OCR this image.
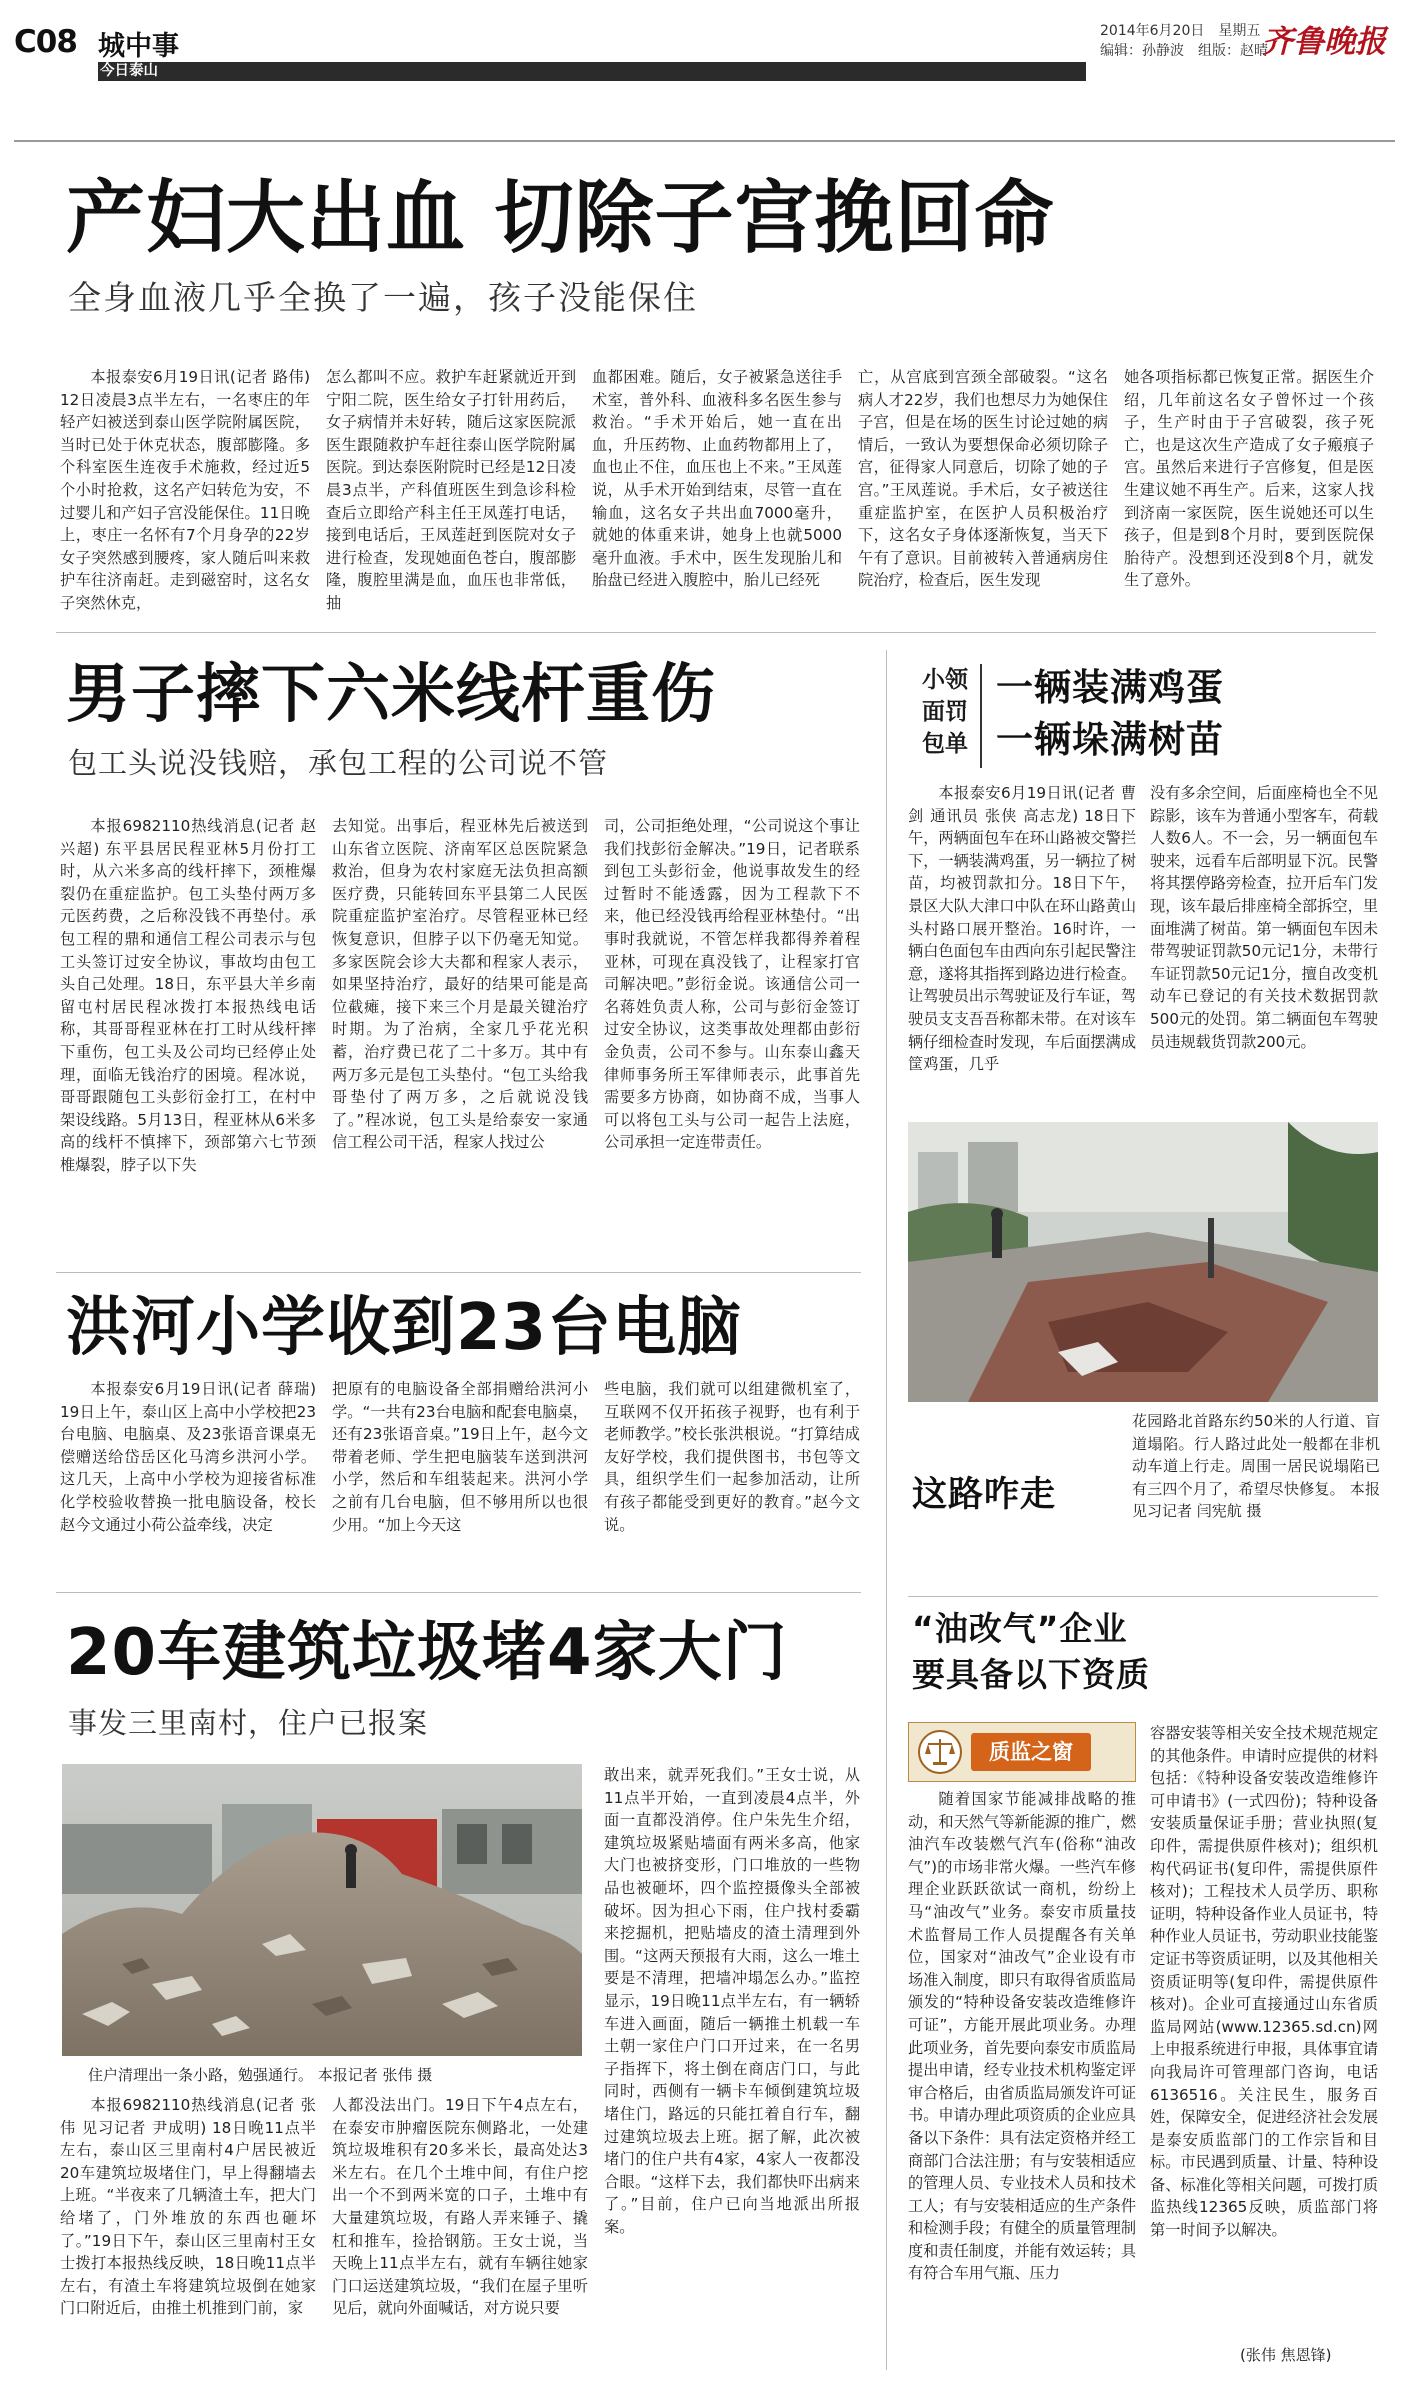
C08 城中事
今日泰山
2014年6月20日　星期五
编辑：孙静波　组版：赵晴
齐鲁晚报
产妇大出血 切除子宫挽回命
全身血液几乎全换了一遍，孩子没能保住

本报泰安6月19日讯(记者 路伟) 12日凌晨3点半左右，一名枣庄的年轻产妇被送到泰山医学院附属医院，当时已处于休克状态，腹部膨隆。多个科室医生连夜手术施救，经过近5个小时抢救，这名产妇转危为安，不过婴儿和产妇子宫没能保住。11日晚上，枣庄一名怀有7个月身孕的22岁女子突然感到腰疼，家人随后叫来救护车往济南赶。走到磁窑时，这名女子突然休克，

怎么都叫不应。救护车赶紧就近开到宁阳二院，医生给女子打针用药后，女子病情并未好转，随后这家医院派医生跟随救护车赶往泰山医学院附属医院。到达泰医附院时已经是12日凌晨3点半，产科值班医生到急诊科检查后立即给产科主任王凤莲打电话，接到电话后，王凤莲赶到医院对女子进行检查，发现她面色苍白，腹部膨隆，腹腔里满是血，血压也非常低，抽

血都困难。随后，女子被紧急送往手术室，普外科、血液科多名医生参与救治。“手术开始后，她一直在出血，升压药物、止血药物都用上了，血也止不住，血压也上不来。”王凤莲说，从手术开始到结束，尽管一直在输血，这名女子共出血7000毫升，就她的体重来讲，她身上也就5000毫升血液。手术中，医生发现胎儿和胎盘已经进入腹腔中，胎儿已经死

亡，从宫底到宫颈全部破裂。“这名病人才22岁，我们也想尽力为她保住子宫，但是在场的医生讨论过她的病情后，一致认为要想保命必须切除子宫，征得家人同意后，切除了她的子宫。”王凤莲说。手术后，女子被送往重症监护室，在医护人员积极治疗下，这名女子身体逐渐恢复，当天下午有了意识。目前被转入普通病房住院治疗，检查后，医生发现

她各项指标都已恢复正常。据医生介绍，几年前这名女子曾怀过一个孩子，生产时由于子宫破裂，孩子死亡，也是这次生产造成了女子瘢痕子宫。虽然后来进行子宫修复，但是医生建议她不再生产。后来，这家人找到济南一家医院，医生说她还可以生孩子，但是到8个月时，要到医院保胎待产。没想到还没到8个月，就发生了意外。

男子摔下六米线杆重伤
包工头说没钱赔，承包工程的公司说不管

本报6982110热线消息(记者 赵兴超) 东平县居民程亚林5月份打工时，从六米多高的线杆摔下，颈椎爆裂仍在重症监护。包工头垫付两万多元医药费，之后称没钱不再垫付。承包工程的鼎和通信工程公司表示与包工头签订过安全协议，事故均由包工头自己处理。18日，东平县大羊乡南留屯村居民程冰拨打本报热线电话称，其哥哥程亚林在打工时从线杆摔下重伤，包工头及公司均已经停止处理，面临无钱治疗的困境。程冰说，哥哥跟随包工头彭衍金打工，在村中架设线路。5月13日，程亚林从6米多高的线杆不慎摔下，颈部第六七节颈椎爆裂，脖子以下失

去知觉。出事后，程亚林先后被送到山东省立医院、济南军区总医院紧急救治，但身为农村家庭无法负担高额医疗费，只能转回东平县第二人民医院重症监护室治疗。尽管程亚林已经恢复意识，但脖子以下仍毫无知觉。多家医院会诊大夫都和程家人表示，如果坚持治疗，最好的结果可能是高位截瘫，接下来三个月是最关键治疗时期。为了治病，全家几乎花光积蓄，治疗费已花了二十多万。其中有两万多元是包工头垫付。“包工头给我哥垫付了两万多，之后就说没钱了。”程冰说，包工头是给泰安一家通信工程公司干活，程家人找过公

司，公司拒绝处理，“公司说这个事让我们找彭衍金解决。”19日，记者联系到包工头彭衍金，他说事故发生的经过暂时不能透露，因为工程款下不来，他已经没钱再给程亚林垫付。“出事时我就说，不管怎样我都得养着程亚林，可现在真没钱了，让程家打官司解决吧。”彭衍金说。该通信公司一名蒋姓负责人称，公司与彭衍金签订过安全协议，这类事故处理都由彭衍金负责，公司不参与。山东泰山鑫天律师事务所王军律师表示，此事首先需要多方协商，如协商不成，当事人可以将包工头与公司一起告上法庭，公司承担一定连带责任。

洪河小学收到23台电脑

本报泰安6月19日讯(记者 薛瑞) 19日上午，泰山区上高中小学校把23台电脑、电脑桌、及23张语音课桌无偿赠送给岱岳区化马湾乡洪河小学。这几天，上高中小学校为迎接省标准化学校验收替换一批电脑设备，校长赵今文通过小荷公益牵线，决定

把原有的电脑设备全部捐赠给洪河小学。“一共有23台电脑和配套电脑桌，还有23张语音桌。”19日上午，赵今文带着老师、学生把电脑装车送到洪河小学，然后和车组装起来。洪河小学之前有几台电脑，但不够用所以也很少用。“加上今天这

些电脑，我们就可以组建微机室了，互联网不仅开拓孩子视野，也有利于老师教学。”校长张洪根说。“打算结成友好学校，我们提供图书，书包等文具，组织学生们一起参加活动，让所有孩子都能受到更好的教育。”赵今文说。

20车建筑垃圾堵4家大门
事发三里南村，住户已报案
住户清理出一条小路，勉强通行。 本报记者 张伟 摄

本报6982110热线消息(记者 张伟 见习记者 尹成明) 18日晚11点半左右，泰山区三里南村4户居民被近20车建筑垃圾堵住门，早上得翻墙去上班。“半夜来了几辆渣土车，把大门给堵了，门外堆放的东西也砸坏了。”19日下午，泰山区三里南村王女士拨打本报热线反映，18日晚11点半左右，有渣土车将建筑垃圾倒在她家门口附近后，由推土机推到门前，家

人都没法出门。19日下午4点左右，在泰安市肿瘤医院东侧路北，一处建筑垃圾堆积有20多米长，最高处达3米左右。在几个土堆中间，有住户挖出一个不到两米宽的口子，土堆中有大量建筑垃圾，有路人弄来锤子、撬杠和推车，捡拾钢筋。王女士说，当天晚上11点半左右，就有车辆往她家门口运送建筑垃圾，“我们在屋子里听见后，就向外面喊话，对方说只要

敢出来，就弄死我们。”王女士说，从11点半开始，一直到凌晨4点半，外面一直都没消停。住户朱先生介绍，建筑垃圾紧贴墙面有两米多高，他家大门也被挤变形，门口堆放的一些物品也被砸坏，四个监控摄像头全部被破坏。因为担心下雨，住户找村委霸来挖掘机，把贴墙皮的渣土清理到外围。“这两天预报有大雨，这么一堆土要是不清理，把墙冲塌怎么办。”监控显示，19日晚11点半左右，有一辆轿车进入画面，随后一辆推土机载一车土朝一家住户门口开过来，在一名男子指挥下，将土倒在商店门口，与此同时，西侧有一辆卡车倾倒建筑垃圾堵住门，路远的只能扛着自行车，翻过建筑垃圾去上班。据了解，此次被堵门的住户共有4家，4家人一夜都没合眼。“这样下去，我们都快吓出病来了。”目前，住户已向当地派出所报案。

小领
面罚
包单
一辆装满鸡蛋
一辆垛满树苗

本报泰安6月19日讯(记者 曹剑 通讯员 张侠 高志龙) 18日下午，两辆面包车在环山路被交警拦下，一辆装满鸡蛋，另一辆拉了树苗，均被罚款扣分。18日下午，景区大队大津口中队在环山路黄山头村路口展开整治。16时许，一辆白色面包车由西向东引起民警注意，遂将其指挥到路边进行检查。让驾驶员出示驾驶证及行车证，驾驶员支支吾吾称都未带。在对该车辆仔细检查时发现，车后面摆满成筐鸡蛋，几乎

没有多余空间，后面座椅也全不见踪影，该车为普通小型客车，荷载人数6人。不一会，另一辆面包车驶来，远看车后部明显下沉。民警将其摆停路旁检查，拉开后车门发现，该车最后排座椅全部拆空，里面堆满了树苗。第一辆面包车因未带驾驶证罚款50元记1分，未带行车证罚款50元记1分，擅自改变机动车已登记的有关技术数据罚款500元的处罚。第二辆面包车驾驶员违规载货罚款200元。

这路咋走
花园路北首路东约50米的人行道、盲道塌陷。行人路过此处一般都在非机动车道上行走。周围一居民说塌陷已有三四个月了，希望尽快修复。 本报见习记者 闫宪航 摄
“油改气”企业
要具备以下资质
质监之窗

随着国家节能减排战略的推动，和天然气等新能源的推广，燃油汽车改装燃气汽车(俗称“油改气”)的市场非常火爆。一些汽车修理企业跃跃欲试一商机，纷纷上马“油改气”业务。泰安市质量技术监督局工作人员提醒各有关单位，国家对“油改气”企业设有市场准入制度，即只有取得省质监局颁发的“特种设备安装改造维修许可证”，方能开展此项业务。办理此项业务，首先要向泰安市质监局提出申请，经专业技术机构鉴定评审合格后，由省质监局颁发许可证书。申请办理此项资质的企业应具备以下条件：具有法定资格并经工商部门合法注册；有与安装相适应的管理人员、专业技术人员和技术工人；有与安装相适应的生产条件和检测手段；有健全的质量管理制度和责任制度，并能有效运转；具有符合车用气瓶、压力

容器安装等相关安全技术规范规定的其他条件。申请时应提供的材料包括：《特种设备安装改造维修许可申请书》(一式四份)；特种设备安装质量保证手册；营业执照(复印件，需提供原件核对)；组织机构代码证书(复印件，需提供原件核对)；工程技术人员学历、职称证明，特种设备作业人员证书，特种作业人员证书，劳动职业技能鉴定证书等资质证明，以及其他相关资质证明等(复印件，需提供原件核对)。企业可直接通过山东省质监局网站(www.12365.sd.cn)网上申报系统进行申报，具体事宜请向我局许可管理部门咨询，电话6136516。关注民生，服务百姓，保障安全，促进经济社会发展是泰安质监部门的工作宗旨和目标。市民遇到质量、计量、特种设备、标准化等相关问题，可拨打质监热线12365反映，质监部门将第一时间予以解决。

(张伟 焦恩锋)
